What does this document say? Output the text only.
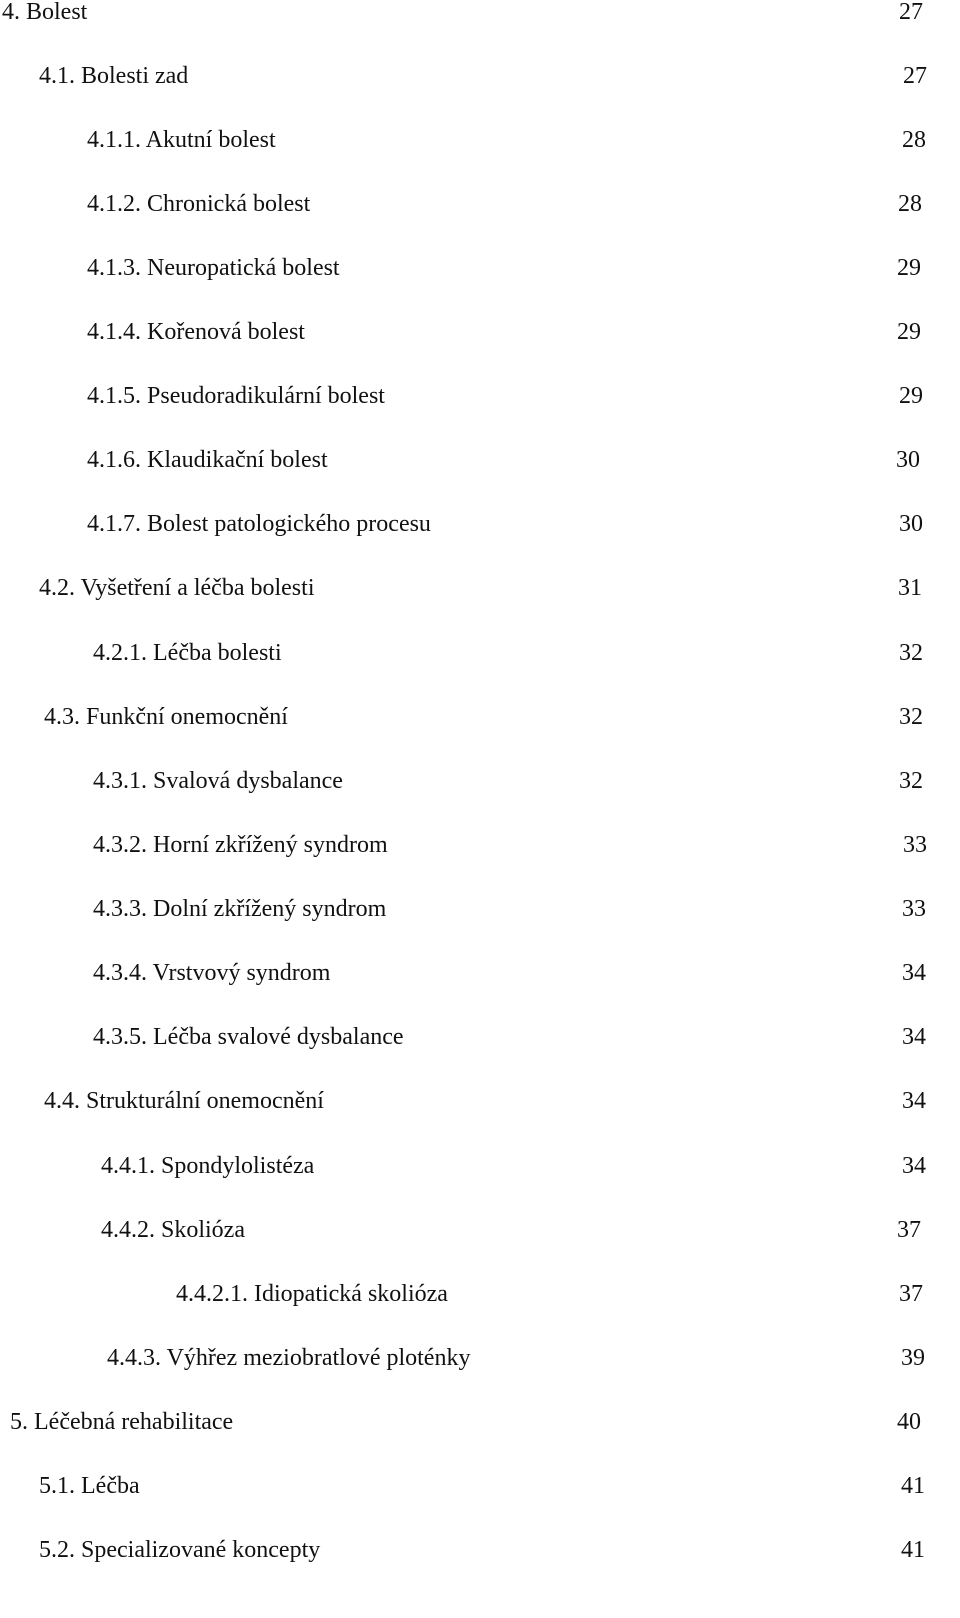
4. Bolest	27
4.1. Bolesti zad	27
4.1.1. Akutní bolest	28
4.1.2. Chronická bolest	28
4.1.3. Neuropatická bolest	29
4.1.4. Kořenová bolest	29
4.1.5. Pseudoradikulární bolest	29
4.1.6. Klaudikační bolest	30
4.1.7. Bolest patologického procesu	30
4.2. Vyšetření a léčba bolesti	31
4.2.1. Léčba bolesti	32
4.3. Funkční onemocnění	32
4.3.1. Svalová dysbalance	32
4.3.2. Horní zkřížený syndrom	33
4.3.3. Dolní zkřížený syndrom	33
4.3.4. Vrstvový syndrom	34
4.3.5. Léčba svalové dysbalance	34
4.4. Strukturální onemocnění	34
4.4.1. Spondylolistéza	34
4.4.2. Skolióza	37
4.4.2.1. Idiopatická skolióza	37
4.4.3. Výhřez meziobratlové ploténky	39
5. Léčebná rehabilitace	40
5.1. Léčba	41
5.2. Specializované koncepty	41
